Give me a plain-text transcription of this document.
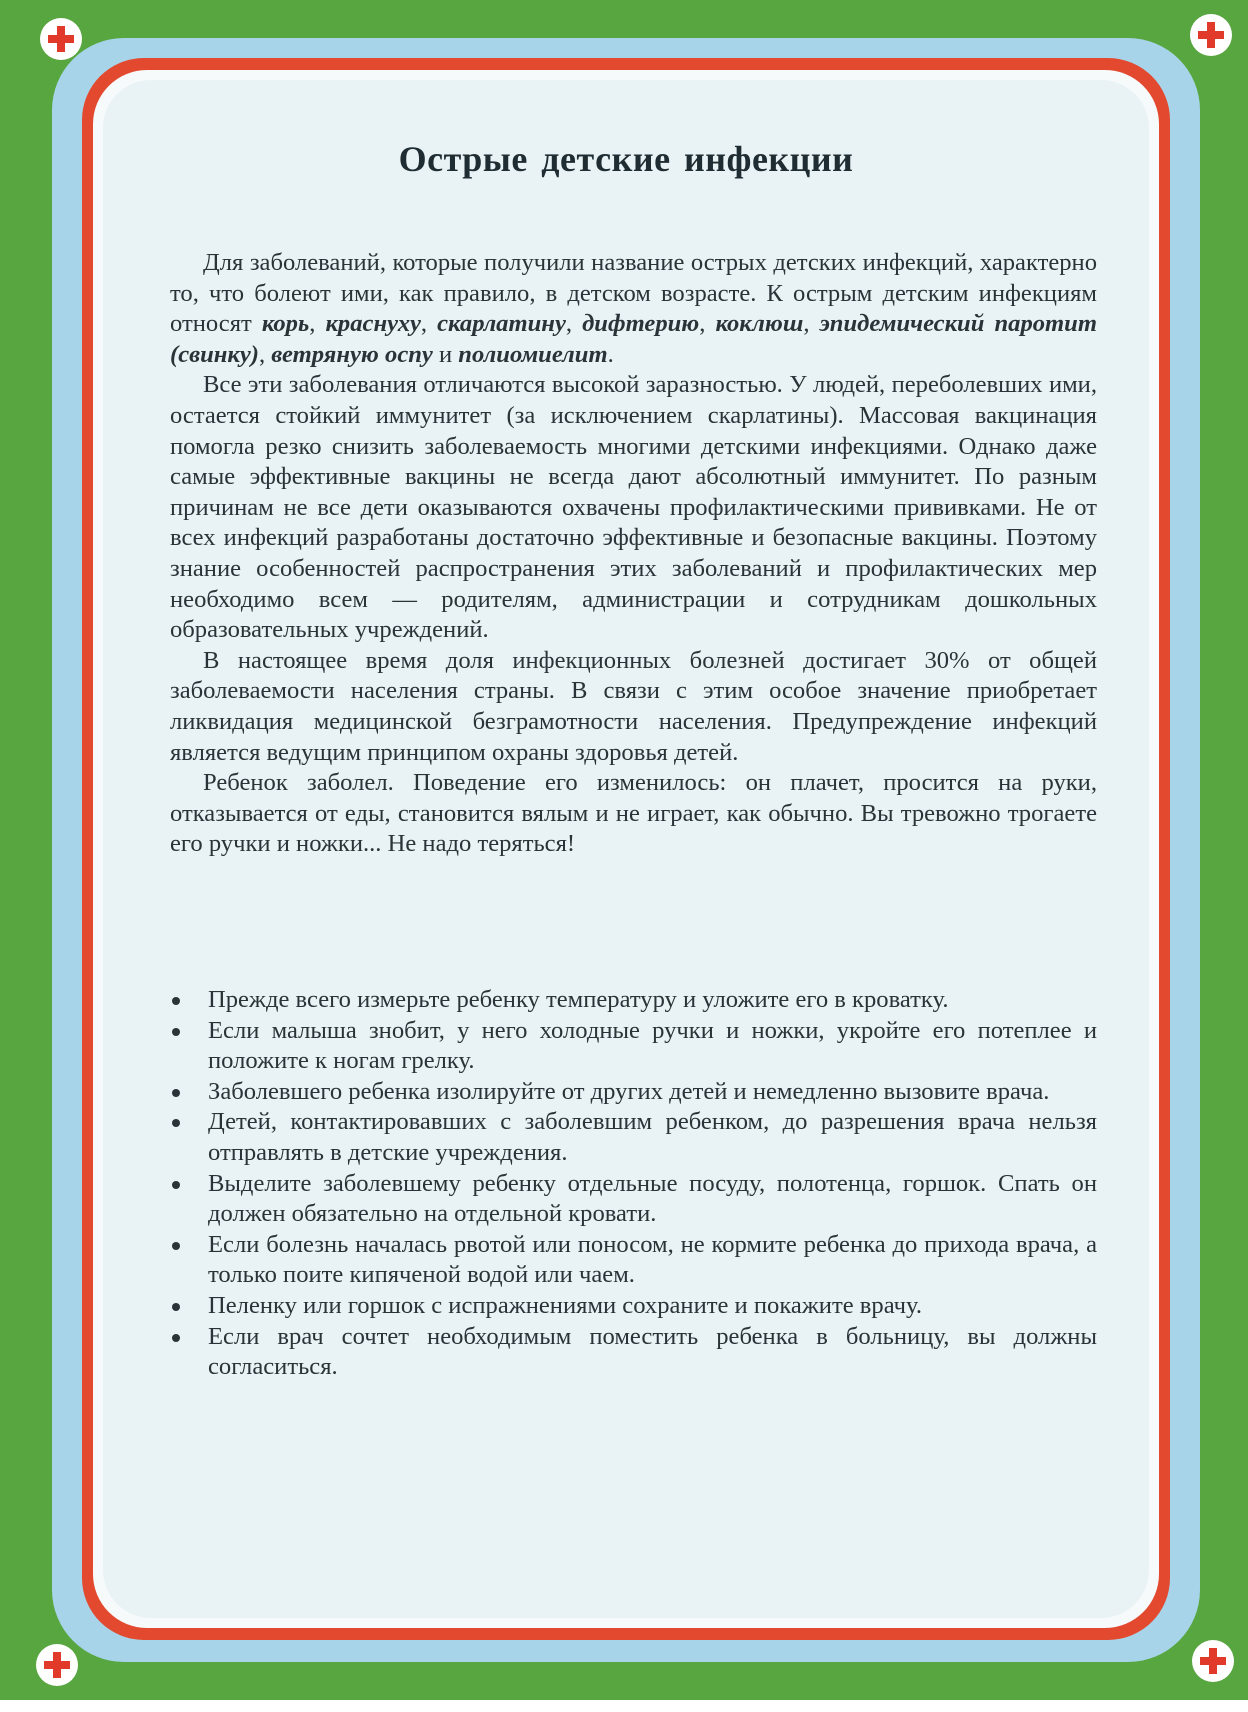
Острые детские инфекции

Для заболеваний, которые получили название острых детских инфекций, характерно то, что болеют ими, как правило, в детском возрасте. К острым детским инфекциям относят корь, краснуху, скарлатину, дифтерию, коклюш, эпидемический паротит (свинку), ветряную оспу и полиомиелит.

Все эти заболевания отличаются высокой заразностью. У людей, переболевших ими, остается стойкий иммунитет (за исключением скарлатины). Массовая вакцинация помогла резко снизить заболеваемость многими детскими инфекциями. Однако даже самые эффективные вакцины не всегда дают абсолютный иммунитет. По разным причинам не все дети оказываются охвачены профилактическими прививками. Не от всех инфекций разработаны достаточно эффективные и безопасные вакцины. Поэтому знание особенностей распространения этих заболеваний и профилактических мер необходимо всем — родителям, администрации и сотрудникам дошкольных образовательных учреждений.

В настоящее время доля инфекционных болезней достигает 30% от общей заболеваемости населения страны. В связи с этим особое значение приобретает ликвидация медицинской безграмотности населения. Предупреждение инфекций является ведущим принципом охраны здоровья детей.

Ребенок заболел. Поведение его изменилось: он плачет, просится на руки, отказывается от еды, становится вялым и не играет, как обычно. Вы тревожно трогаете его ручки и ножки... Не надо теряться!

Прежде всего измерьте ребенку температуру и уложите его в кроватку.
Если малыша знобит, у него холодные ручки и ножки, укройте его потеплее и положите к ногам грелку.
Заболевшего ребенка изолируйте от других детей и немедленно вызовите врача.
Детей, контактировавших с заболевшим ребенком, до разрешения врача нельзя отправлять в детские учреждения.
Выделите заболевшему ребенку отдельные посуду, полотенца, горшок. Спать он должен обязательно на отдельной кровати.
Если болезнь началась рвотой или поносом, не кормите ребенка до прихода врача, а только поите кипяченой водой или чаем.
Пеленку или горшок с испражнениями сохраните и покажите врачу.
Если врач сочтет необходимым поместить ребенка в больницу, вы должны согласиться.
